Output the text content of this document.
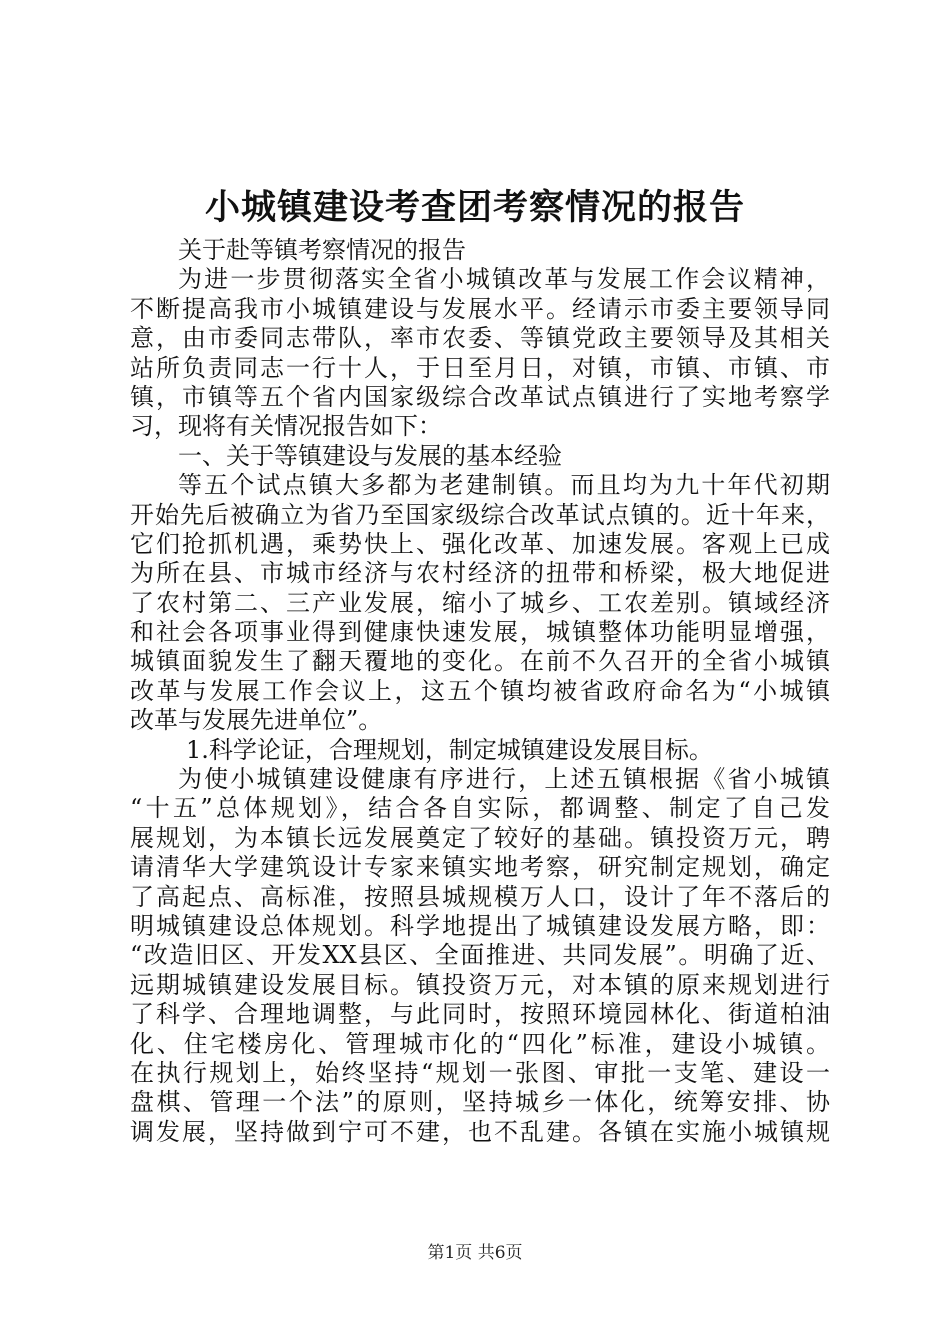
小城镇建设考查团考察情况的报告
关于赴等镇考察情况的报告
为进一步贯彻落实全省小城镇改革与发展工作会议精神，
不断提高我市小城镇建设与发展水平。经请示市委主要领导同
意，由市委同志带队，率市农委、等镇党政主要领导及其相关
站所负责同志一行十人，于日至月日，对镇，市镇、市镇、市
镇，市镇等五个省内国家级综合改革试点镇进行了实地考察学
习，现将有关情况报告如下：
一、关于等镇建设与发展的基本经验
等五个试点镇大多都为老建制镇。而且均为九十年代初期
开始先后被确立为省乃至国家级综合改革试点镇的。近十年来，
它们抢抓机遇，乘势快上、强化改革、加速发展。客观上已成
为所在县、市城市经济与农村经济的扭带和桥梁，极大地促进
了农村第二、三产业发展，缩小了城乡、工农差别。镇域经济
和社会各项事业得到健康快速发展，城镇整体功能明显增强，
城镇面貌发生了翻天覆地的变化。在前不久召开的全省小城镇
改革与发展工作会议上，这五个镇均被省政府命名为“小城镇
改革与发展先进单位”。
1.科学论证，合理规划，制定城镇建设发展目标。
为使小城镇建设健康有序进行，上述五镇根据《省小城镇
“十五”总体规划》，结合各自实际，都调整、制定了自己发
展规划，为本镇长远发展奠定了较好的基础。镇投资万元，聘
请清华大学建筑设计专家来镇实地考察，研究制定规划，确定
了高起点、高标准，按照县城规模万人口，设计了年不落后的
明城镇建设总体规划。科学地提出了城镇建设发展方略，即：
“改造旧区、开发XX县区、全面推进、共同发展”。明确了近、
远期城镇建设发展目标。镇投资万元，对本镇的原来规划进行
了科学、合理地调整，与此同时，按照环境园林化、街道柏油
化、住宅楼房化、管理城市化的“四化”标准，建设小城镇。
在执行规划上，始终坚持“规划一张图、审批一支笔、建设一
盘棋、管理一个法”的原则，坚持城乡一体化，统筹安排、协
调发展，坚持做到宁可不建，也不乱建。各镇在实施小城镇规
第1页 共6页
